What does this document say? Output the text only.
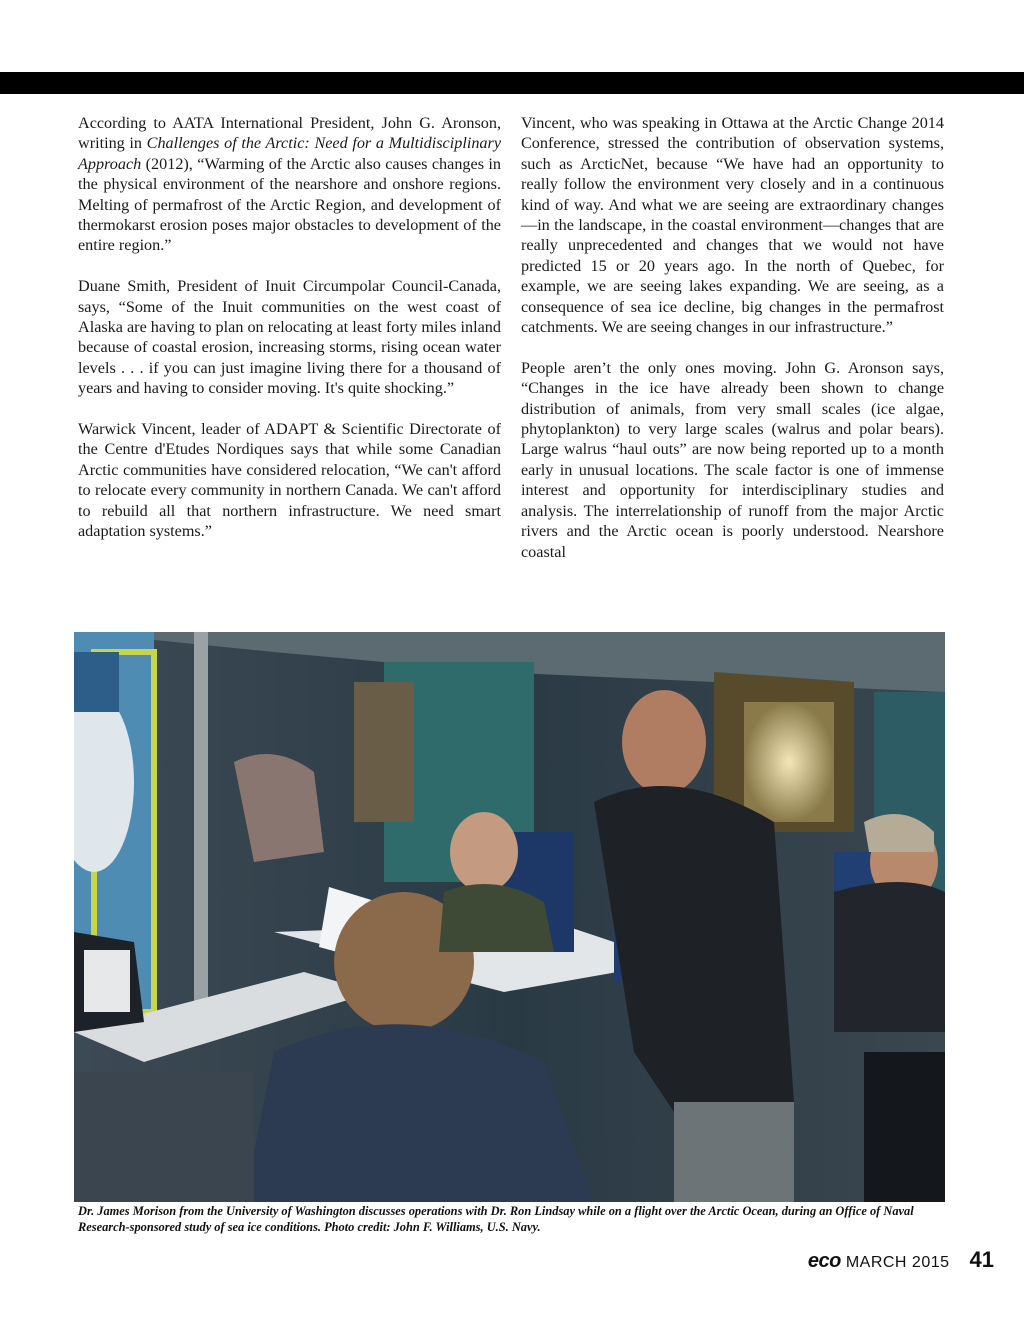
According to AATA International President, John G. Aronson, writing in Challenges of the Arctic: Need for a Multidisciplinary Approach (2012), “Warming of the Arctic also causes changes in the physical environment of the nearshore and onshore regions. Melting of permafrost of the Arctic Region, and development of thermokarst erosion poses major obstacles to development of the entire region.”

Duane Smith, President of Inuit Circumpolar Council-Canada, says, “Some of the Inuit communities on the west coast of Alaska are having to plan on relocating at least forty miles inland because of coastal erosion, increasing storms, rising ocean water levels . . . if you can just imagine living there for a thousand of years and having to consider moving. It's quite shocking.”

Warwick Vincent, leader of ADAPT & Scientific Directorate of the Centre d'Etudes Nordiques says that while some Canadian Arctic communities have considered relocation, “We can't afford to relocate every community in northern Canada. We can't afford to rebuild all that northern infrastructure. We need smart adaptation systems.”

Vincent, who was speaking in Ottawa at the Arctic Change 2014 Conference, stressed the contribution of observation systems, such as ArcticNet, because “We have had an opportunity to really follow the environment very closely and in a continuous kind of way. And what we are seeing are extraordinary changes—in the landscape, in the coastal environment—changes that are really unprecedented and changes that we would not have predicted 15 or 20 years ago. In the north of Quebec, for example, we are seeing lakes expanding. We are seeing, as a consequence of sea ice decline, big changes in the permafrost catchments. We are seeing changes in our infrastructure.”

People aren’t the only ones moving. John G. Aronson says, “Changes in the ice have already been shown to change distribution of animals, from very small scales (ice algae, phytoplankton) to very large scales (walrus and polar bears). Large walrus “haul outs” are now being reported up to a month early in unusual locations. The scale factor is one of immense interest and opportunity for interdisciplinary studies and analysis. The interrelationship of runoff from the major Arctic rivers and the Arctic ocean is poorly understood. Nearshore coastal

Dr. James Morison from the University of Washington discusses operations with Dr. Ron Lindsay while on a flight over the Arctic Ocean, during an Office of Naval Research-sponsored study of sea ice conditions. Photo credit: John F. Williams, U.S. Navy.
eco MARCH 2015 41
